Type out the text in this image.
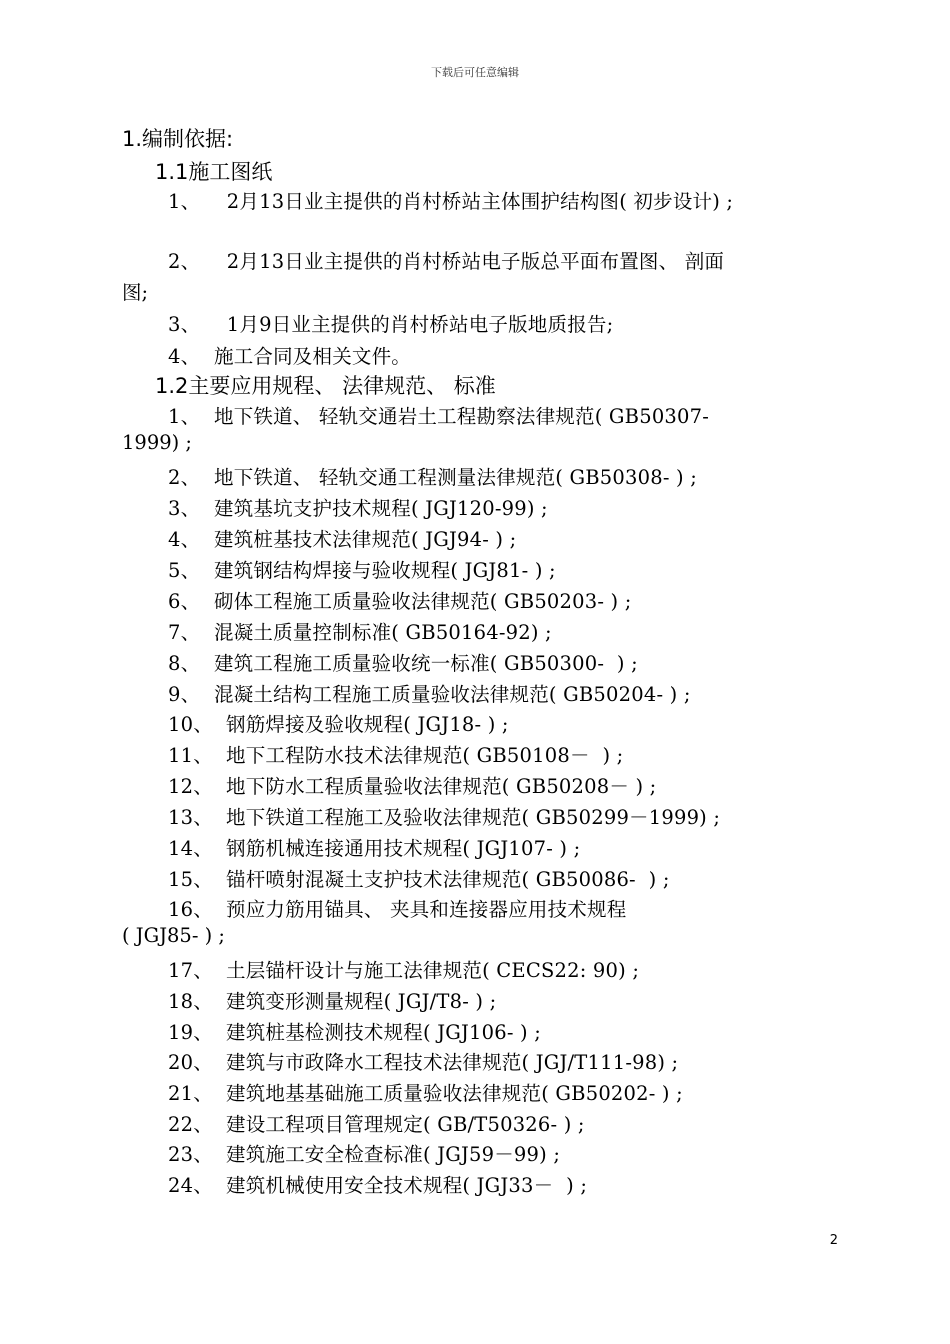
下载后可任意编辑
1.编制依据:
1.1施工图纸
1、  2月13日业主提供的肖村桥站主体围护结构图( 初步设计) ;
2、  2月13日业主提供的肖村桥站电子版总平面布置图、 剖面
图;
3、  1月9日业主提供的肖村桥站电子版地质报告;
4、 施工合同及相关文件。
1.2主要应用规程、 法律规范、 标准
1、 地下铁道、 轻轨交通岩土工程勘察法律规范( GB50307-
1999) ;
2、 地下铁道、 轻轨交通工程测量法律规范( GB50308- ) ;
3、 建筑基坑支护技术规程( JGJ120-99) ;
4、 建筑桩基技术法律规范( JGJ94- ) ;
5、 建筑钢结构焊接与验收规程( JGJ81- ) ;
6、 砌体工程施工质量验收法律规范( GB50203- ) ;
7、 混凝土质量控制标准( GB50164-92) ;
8、 建筑工程施工质量验收统一标准( GB50300-  ) ;
9、 混凝土结构工程施工质量验收法律规范( GB50204- ) ;
10、 钢筋焊接及验收规程( JGJ18- ) ;
11、 地下工程防水技术法律规范( GB50108－  ) ;
12、 地下防水工程质量验收法律规范( GB50208－ ) ;
13、 地下铁道工程施工及验收法律规范( GB50299－1999) ;
14、 钢筋机械连接通用技术规程( JGJ107- ) ;
15、 锚杆喷射混凝土支护技术法律规范( GB50086-  ) ;
16、 预应力筋用锚具、 夹具和连接器应用技术规程
( JGJ85- ) ;
17、 土层锚杆设计与施工法律规范( CECS22: 90) ;
18、 建筑变形测量规程( JGJ/T8- ) ;
19、 建筑桩基检测技术规程( JGJ106- ) ;
20、 建筑与市政降水工程技术法律规范( JGJ/T111-98) ;
21、 建筑地基基础施工质量验收法律规范( GB50202- ) ;
22、 建设工程项目管理规定( GB/T50326- ) ;
23、 建筑施工安全检查标准( JGJ59－99) ;
24、 建筑机械使用安全技术规程( JGJ33－  ) ;
2
